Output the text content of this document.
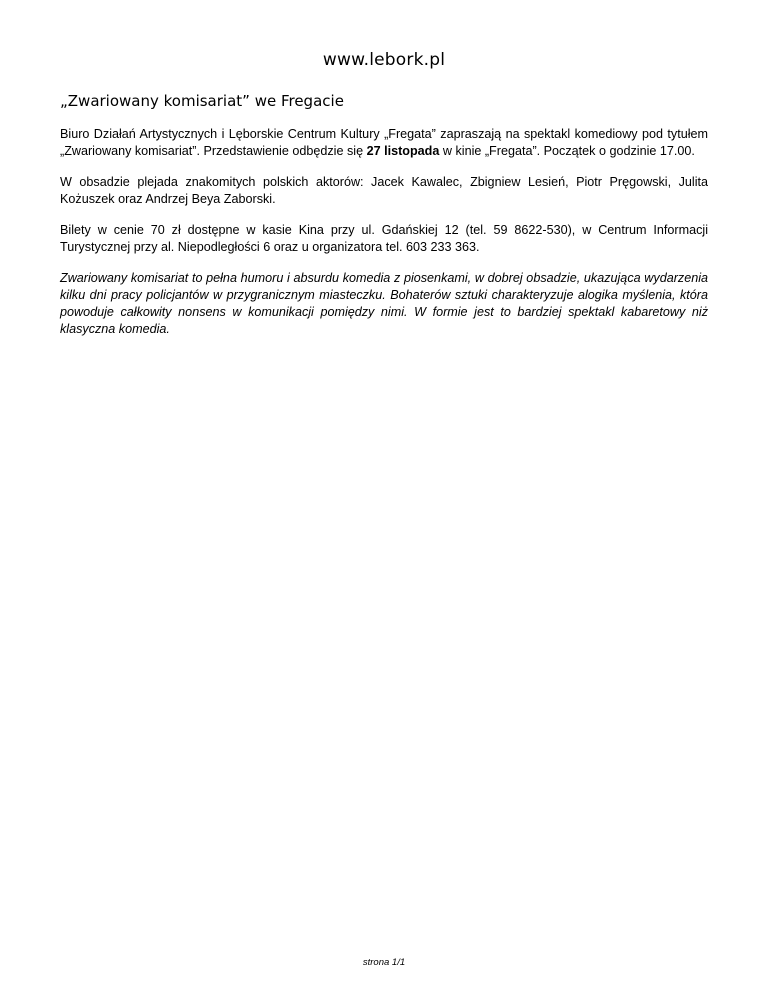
www.lebork.pl
„Zwariowany komisariat” we Fregacie

Biuro Działań Artystycznych i Lęborskie Centrum Kultury „Fregata” zapraszają na spektakl komediowy pod tytułem „Zwariowany komisariat”. Przedstawienie odbędzie się 27 listopada w kinie „Fregata”. Początek o godzinie 17.00.

W obsadzie plejada znakomitych polskich aktorów: Jacek Kawalec, Zbigniew Lesień, Piotr Pręgowski, Julita Kożuszek oraz Andrzej Beya Zaborski.

Bilety w cenie 70 zł dostępne w kasie Kina przy ul. Gdańskiej 12 (tel. 59 8622-530), w Centrum Informacji Turystycznej przy al. Niepodległości 6 oraz u organizatora tel. 603 233 363.

Zwariowany komisariat to pełna humoru i absurdu komedia z piosenkami, w dobrej obsadzie, ukazująca wydarzenia kilku dni pracy policjantów w przygranicznym miasteczku. Bohaterów sztuki charakteryzuje alogika myślenia, która powoduje całkowity nonsens w komunikacji pomiędzy nimi. W formie jest to bardziej spektakl kabaretowy niż klasyczna komedia.

strona 1/1
